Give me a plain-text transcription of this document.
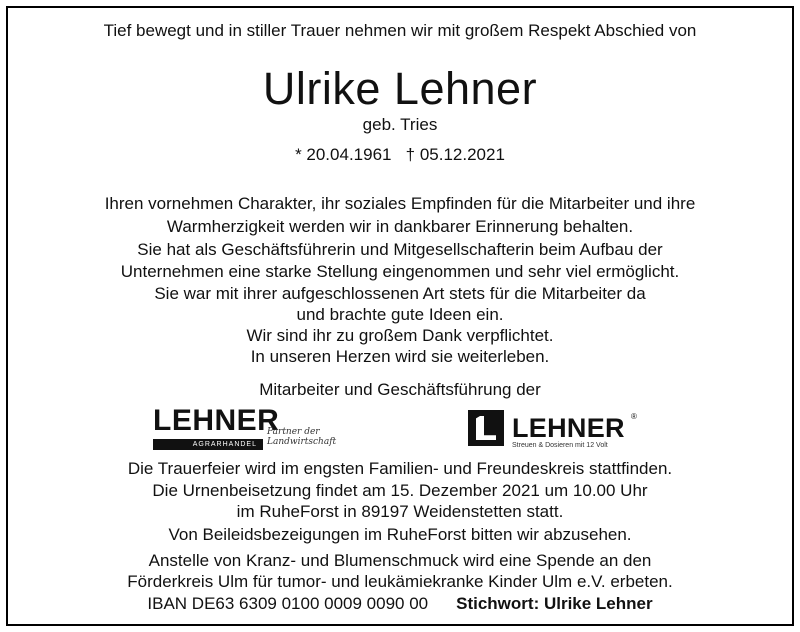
Tief bewegt und in stiller Trauer nehmen wir mit großem Respekt Abschied von
Ulrike Lehner
geb. Tries
* 20.04.1961   † 05.12.2021
Ihren vornehmen Charakter, ihr soziales Empfinden für die Mitarbeiter und ihre
Warmherzigkeit werden wir in dankbarer Erinnerung behalten.
Sie hat als Geschäftsführerin und Mitgesellschafterin beim Aufbau der
Unternehmen eine starke Stellung eingenommen und sehr viel ermöglicht.
Sie war mit ihrer aufgeschlossenen Art stets für die Mitarbeiter da
und brachte gute Ideen ein.
Wir sind ihr zu großem Dank verpflichtet.
In unseren Herzen wird sie weiterleben.
Mitarbeiter und Geschäftsführung der
LEHNER
AGRARHANDEL
Partner der Landwirtschaft	LEHNER ®
Streuen & Dosieren mit 12 Volt
Die Trauerfeier wird im engsten Familien- und Freundeskreis stattfinden.
Die Urnenbeisetzung findet am 15. Dezember 2021 um 10.00 Uhr
im RuheForst in 89197 Weidenstetten statt.
Von Beileidsbezeigungen im RuheForst bitten wir abzusehen.
Anstelle von Kranz- und Blumenschmuck wird eine Spende an den
Förderkreis Ulm für tumor- und leukämiekranke Kinder Ulm e.V. erbeten.
IBAN DE63 6309 0100 0009 0090 00 Stichwort: Ulrike Lehner
